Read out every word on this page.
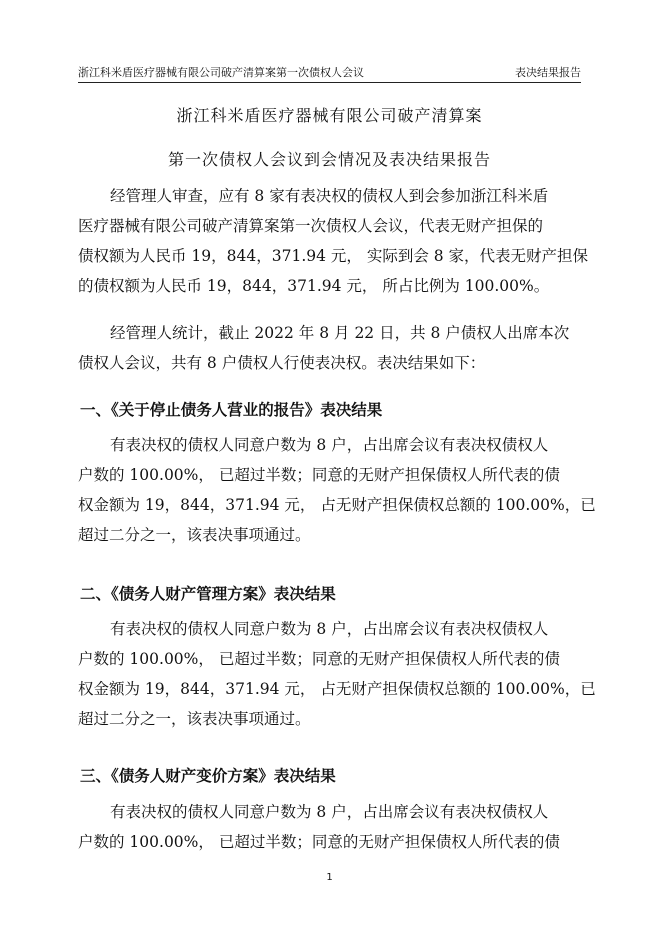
浙江科米盾医疗器械有限公司破产清算案第一次债权人会议	表决结果报告
浙江科米盾医疗器械有限公司破产清算案
第一次债权人会议到会情况及表决结果报告

经管理人审查，应有 8 家有表决权的债权人到会参加浙江科米盾
医疗器械有限公司破产清算案第一次债权人会议，代表无财产担保的
债权额为人民币 19，844，371.94 元， 实际到会 8 家，代表无财产担保
的债权额为人民币 19，844，371.94 元， 所占比例为 100.00%。

经管理人统计，截止 2022 年 8 月 22 日，共 8 户债权人出席本次
债权人会议，共有 8 户债权人行使表决权。表决结果如下：

一、《关于停止债务人营业的报告》表决结果

有表决权的债权人同意户数为 8 户，占出席会议有表决权债权人
户数的 100.00%， 已超过半数；同意的无财产担保债权人所代表的债
权金额为 19，844，371.94 元， 占无财产担保债权总额的 100.00%，已
超过二分之一，该表决事项通过。

二、《债务人财产管理方案》表决结果

有表决权的债权人同意户数为 8 户，占出席会议有表决权债权人
户数的 100.00%， 已超过半数；同意的无财产担保债权人所代表的债
权金额为 19，844，371.94 元， 占无财产担保债权总额的 100.00%，已
超过二分之一，该表决事项通过。

三、《债务人财产变价方案》表决结果

有表决权的债权人同意户数为 8 户，占出席会议有表决权债权人
户数的 100.00%， 已超过半数；同意的无财产担保债权人所代表的债

1
